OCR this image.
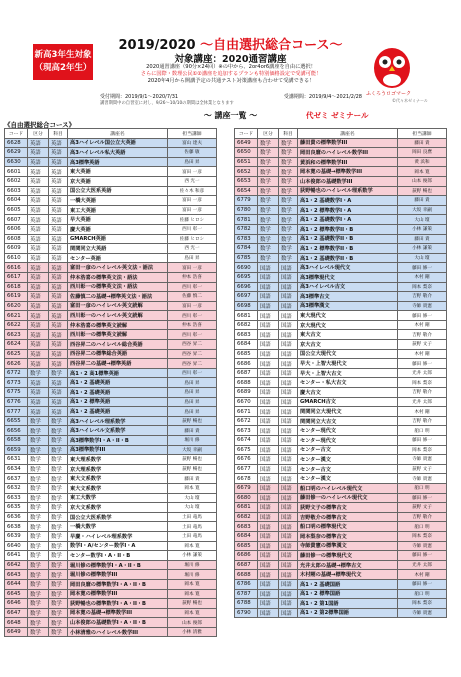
新高3年生対象
（現高2年生）
2019/2020 〜自由選択総合コース〜
対象講座：2020通習講座
2020通習講座（90分×24回）※の中から、2or4or6講座を自由に選択！
さらに国際・数理公民①②講座を追加するプランも特別価格設定で受講可能！
2020年4月から開講予定の共通テスト対策講座も合わせて受講できる！
受付期間：2019/9/1〜2020/7/31	受講期間：2019/9/4〜2021/2/28
講習期間中の自習室に対し、9/26〜10/10の期間は全休業となります
ふくろうロゴマーク
©代々木ゼミナール
〜 講座一覧 〜	代ゼミ ゼミナール
《自由選択総合コース》
コード	区分	科目	講座名	担当講師
6628	英語	英語	高3ハイレベル国公立大英語	富山 達夫
6629	英語	英語	高3ハイレベル私大英語	佐藤 敏
6630	英語	英語	高3標準英語	島田 昇
6601	英語	英語	東大英語	富田 一彦
6602	英語	英語	京大英語	西 光一
6603	英語	英語	国公立大医系英語	佐々木 和彦
6604	英語	英語	一橋大英語	富田 一彦
6605	英語	英語	東工大英語	富田 一彦
6607	英語	英語	早大英語	佐藤 ヒロシ
6606	英語	英語	慶大英語	西川 彰一
6608	英語	英語	GMARCH英語	佐藤 ヒロシ
6609	英語	英語	関関同立大英語	西 光一
6610	英語	英語	センター英語	島田 昇
6616	英語	英語	富田一彦のハイレベル英文法・語法	富田 一彦
6617	英語	英語	仲本浩喜の標準英文法・語法	仲本 浩喜
6618	英語	英語	西川彰一の標準英文法・語法	西川 彰一
6619	英語	英語	佐藤慎二の基礎→標準英文法・語法	佐藤 慎二
6620	英語	英語	富田一彦のハイレベル英文読解	富田 一彦
6621	英語	英語	西川彰一のハイレベル英文読解	西川 彰一
6622	英語	英語	仲本浩喜の標準英文読解	仲本 浩喜
6623	英語	英語	西川彰一の標準英文読解	西川 彰一
6624	英語	英語	西谷昇二のハイレベル総合英語	西谷 昇二
6625	英語	英語	西谷昇二の標準総合英語	西谷 昇二
6626	英語	英語	西谷昇二の基礎→標準英語	西谷 昇二
6772	数学	数学	高1・2 高1標準英語	西川 彰一
6773	英語	英語	高1・2 基礎英語	島田 昇
6775	英語	英語	高1・2 基礎英語	島田 昇
6776	英語	英語	高1・2 標準英語	島田 昇
6777	英語	英語	高1・2 基礎英語	島田 昇
6655	数学	数学	高3ハイレベル理系数学	荻野 暢也
6656	数学	数学	高3ハイレベル文系数学	藤田 貴
6658	数学	数学	高3標準数学I・A・II・B	堀川 修
6659	数学	数学	高3標準数学III	大坂 幸嗣
6631	数学	数学	東大理系数学	荻野 暢也
6634	数学	数学	京大理系数学	荻野 暢也
6637	数学	数学	東大文系数学	藤田 貴
6632	数学	数学	東大文系数学	岡本 寛
6633	数学	数学	東工大数学	大山 壇
6635	数学	数学	京大文系数学	大山 壇
6636	数学	数学	国公立大医系数学	土田 竜馬
6638	数学	数学	一橋大数学	土田 竜馬
6639	数学	数学	早慶・ハイレベル理系数学	土田 竜馬
6640	数学	数学	数学I・A/センター数学I・A	岡本 寛
6641	数学	数学	センター数学I・A・II・B	小林 謙策
6642	数学	数学	堀川修の標準数学I・A・II・B	堀川 修
6643	数学	数学	堀川修の標準数学III	堀川 修
6644	数学	数学	岡田良麿の標準数学I・A・II・B	岡本 寛
6645	数学	数学	岡本寛の標準数学III	岡本 寛
6646	数学	数学	荻野暢也の標準数学I・A・II・B	荻野 暢也
6647	数学	数学	岡本寛の基礎→標準数学III	岡本 寛
6648	数学	数学	山本俊郎の基礎数学I・A・II・B	山本 俊郎
6649	数学	数学	小林清雅のハイレベル数学III	小林 清雅
コード	区分	科目	講座名	担当講師
6649	数学	数学	藤田貴の標準数学III	藤田 貴
6650	数学	数学	岡田良麿のハイレベル数学III	岡田 良麿
6651	数学	数学	黄浜和の標準数学III	黄 浜和
6652	数学	数学	岡本寛の基礎→標準数学III	岡本 寛
6653	数学	数学	山本俊郎の基礎数学III	山本 俊郎
6654	数学	数学	荻野暢也のハイレベル理系数学	荻野 暢也
6779	数学	数学	高1・2 基礎数学I・A	藤田 貴
6780	数学	数学	高1・2 標準数学I・A	大坂 幸嗣
6781	数学	数学	高1・2 基礎数学I・A	大山 壇
6782	数学	数学	高1・2 標準数学II・B	小林 謙策
6783	数学	数学	高1・2 基礎数学II・B	藤田 貴
6784	数学	数学	高1・2 標準数学II・B	小林 謙策
6785	数学	数学	高1・2 基礎数学II・B	大山 壇
6690	国語	国語	高3ハイレベル現代文	藤田 修一
6695	国語	国語	高3標準現代文	木村 剛
6696	国語	国語	高3ハイレベル古文	岡本 梨奈
6697	国語	国語	高3標準古文	吉野 敬介
6698	国語	国語	高3標準漢文	寺師 貴憲
6681	国語	国語	東大現代文	藤田 修一
6682	国語	国語	京大現代文	木村 剛
6683	国語	国語	東大古文	吉野 敬介
6684	国語	国語	京大古文	荻野 文子
6685	国語	国語	国公立大現代文	木村 剛
6686	国語	国語	早大・上智大現代文	藤田 修一
6687	国語	国語	早大・上智大古文	光井 太郎
6688	国語	国語	センター・私大古文	岡本 梨奈
6689	国語	国語	慶大古文	吉野 敬介
6670	国語	国語	GMARCH古文	光井 太郎
6671	国語	国語	関関同立大現代文	木村 剛
6672	国語	国語	関関同立大古文	吉野 敬介
6673	国語	国語	センター現代文	船口 明
6674	国語	国語	センター現代文	藤田 修一
6675	国語	国語	センター古文	岡本 梨奈
6676	国語	国語	センター漢文	寺師 貴憲
6677	国語	国語	センター古文	荻野 文子
6678	国語	国語	センター漢文	寺師 貴憲
6679	国語	国語	船口明のハイレベル現代文	船口 明
6680	国語	国語	藤田修一のハイレベル現代文	藤田 修一
6681	国語	国語	荻野文子の標準古文	荻野 文子
6682	国語	国語	吉野敬介の標準古文	吉野 敬介
6683	国語	国語	船口明の標準現代文	船口 明
6684	国語	国語	岡本梨奈の標準古文	岡本 梨奈
6685	国語	国語	寺師貴憲の標準漢文	寺師 貴憲
6686	国語	国語	藤田修一の標準現代文	藤田 修一
6687	国語	国語	光井太郎の基礎→標準古文	光井 太郎
6688	国語	国語	木村剛の基礎→標準現代文	木村 剛
6786	国語	国語	高1・2 基礎国語	藤田 修一
6787	国語	国語	高1・2 標準国語	船口 明
6788	国語	国語	高1・2 第1国語	岡本 梨奈
6790	国語	国語	高1・2 第2標準国語	寺師 貴憲
